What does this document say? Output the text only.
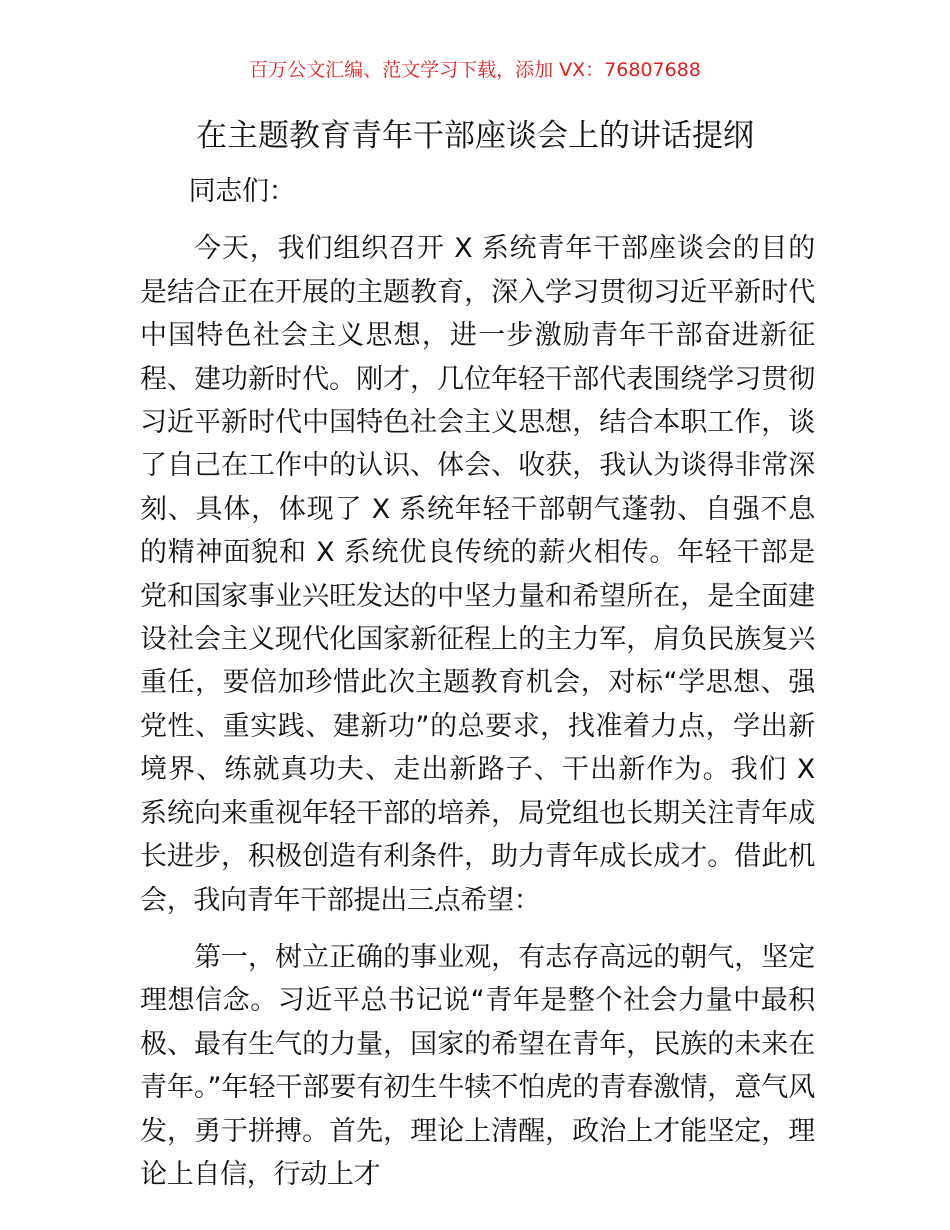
百万公文汇编、范文学习下载，添加 VX：76807688
在主题教育青年干部座谈会上的讲话提纲

同志们：

今天，我们组织召开 X 系统青年干部座谈会的目的是结合正在开展的主题教育，深入学习贯彻习近平新时代中国特色社会主义思想，进一步激励青年干部奋进新征程、建功新时代。刚才，几位年轻干部代表围绕学习贯彻习近平新时代中国特色社会主义思想，结合本职工作，谈了自己在工作中的认识、体会、收获，我认为谈得非常深刻、具体，体现了 X 系统年轻干部朝气蓬勃、自强不息的精神面貌和 X 系统优良传统的薪火相传。年轻干部是党和国家事业兴旺发达的中坚力量和希望所在，是全面建设社会主义现代化国家新征程上的主力军，肩负民族复兴重任，要倍加珍惜此次主题教育机会，对标“学思想、强党性、重实践、建新功”的总要求，找准着力点，学出新境界、练就真功夫、走出新路子、干出新作为。我们 X 系统向来重视年轻干部的培养，局党组也长期关注青年成长进步，积极创造有利条件，助力青年成长成才。借此机会，我向青年干部提出三点希望：

第一，树立正确的事业观，有志存高远的朝气，坚定理想信念。习近平总书记说“青年是整个社会力量中最积极、最有生气的力量，国家的希望在青年，民族的未来在青年。”年轻干部要有初生牛犊不怕虎的青春激情，意气风发，勇于拼搏。首先，理论上清醒，政治上才能坚定，理论上自信，行动上才
